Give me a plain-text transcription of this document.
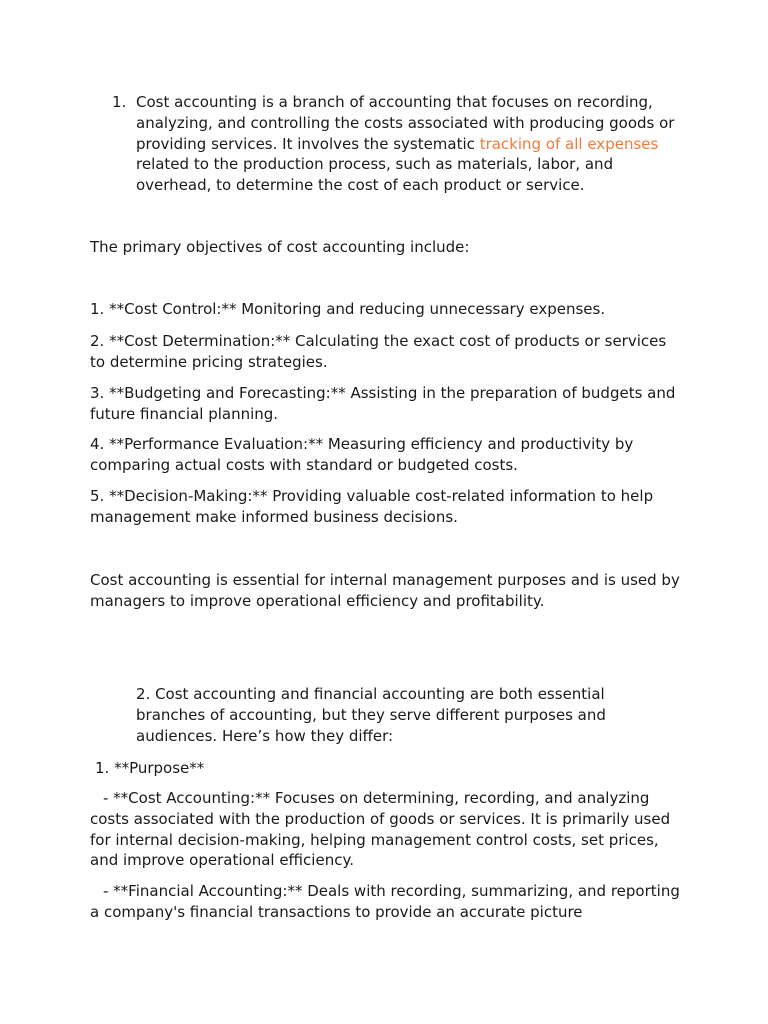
1. Cost accounting is a branch of accounting that focuses on recording, analyzing, and controlling the costs associated with producing goods or providing services. It involves the systematic tracking of all expenses related to the production process, such as materials, labor, and overhead, to determine the cost of each product or service.

The primary objectives of cost accounting include:

1. **Cost Control:** Monitoring and reducing unnecessary expenses.

2. **Cost Determination:** Calculating the exact cost of products or services to determine pricing strategies.

3. **Budgeting and Forecasting:** Assisting in the preparation of budgets and future financial planning.

4. **Performance Evaluation:** Measuring efficiency and productivity by comparing actual costs with standard or budgeted costs.

5. **Decision-Making:** Providing valuable cost-related information to help management make informed business decisions.

Cost accounting is essential for internal management purposes and is used by managers to improve operational efficiency and profitability.

2. Cost accounting and financial accounting are both essential branches of accounting, but they serve different purposes and audiences. Here’s how they differ:

1. **Purpose**

- **Cost Accounting:** Focuses on determining, recording, and analyzing costs associated with the production of goods or services. It is primarily used for internal decision-making, helping management control costs, set prices, and improve operational efficiency.

- **Financial Accounting:** Deals with recording, summarizing, and reporting a company's financial transactions to provide an accurate picture
